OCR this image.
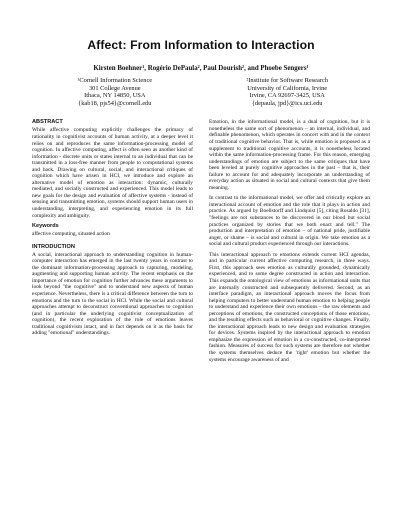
Affect: From Information to Interaction
Kirsten Boehner¹, Rogério DePaula², Paul Dourish², and Phoebe Sengers¹
¹Cornell Information Science
301 College Avenue
Ithaca, NY 14850, USA
{kab18, pjs54}@cornell.edu
²Institute for Software Research
University of California, Irvine
Irvine, CA 92697-3425, USA
{depaula, jpd}@ics.uci.edu
ABSTRACT

While affective computing explicitly challenges the primacy of rationality in cognitivist accounts of human activity, at a deeper level it relies on and reproduces the same information-processing model of cognition. In affective computing, affect is often seen as another kind of information - discrete units or states internal to an individual that can be transmitted in a loss-free manner from people to computational systems and back. Drawing on cultural, social, and interactional critiques of cognition which have arisen in HCI, we introduce and explore an alternative model of emotion as interaction: dynamic, culturally mediated, and socially constructed and experienced. This model leads to new goals for the design and evaluation of affective systems - instead of sensing and transmitting emotion, systems should support human users in understanding, interpreting, and experiencing emotion in its full complexity and ambiguity.

Keywords

affective computing, situated action

INTRODUCTION

A social, interactional approach to understanding cognition in human-computer interaction has emerged in the last twenty years in contrast to the dominant information-processing approach to capturing, modeling, augmenting and supporting human activity. The recent emphasis on the importance of emotion for cognition further advances these arguments to look beyond "the cognitive" and to understand new aspects of human experience. Nevertheless, there is a critical difference between the turn to emotions and the turn to the social in HCI. While the social and cultural approaches attempt to deconstruct conventional approaches to cognition (and in particular the underlying cognitivist conceptualization of cognition), the recent exploration of the role of emotions leaves traditional cognitivism intact, and in fact depends on it as the basis for adding "emotional" understandings.

Emotion, in the informational model, is a dual of cognition, but it is nonetheless the same sort of phenomenon – an internal, individual, and definable phenomenon, which operates in concert with and in the context of traditional cognitive behavior. That is, while emotion is proposed as a supplement to traditional cognitive accounts, it is nonetheless located within the same information-processing frame. For this reason, emerging understandings of emotion are subject to the same critiques that have been leveled at purely cognitive approaches in the past – that is, their failure to account for and adequately incorporate an understanding of everyday action as situated in social and cultural contexts that give them meaning.

In contrast to the informational model, we offer and critically explore an interactional account of emotion and the role that it plays in action and practice. As argued by Boellstorff and Lindquist [5], citing Rosaldo [31], "feelings are not substances to be discovered in our blood but social practices organized by stories that we both enact and tell." The production and interpretation of emotion – of national pride, justifiable anger, or shame – is social and cultural in origin. We take emotion as a social and cultural product experienced through our interactions.

This interactional approach to emotions extends current HCI agendas, and in particular current affective computing research, in three ways. First, this approach sees emotion as culturally grounded, dynamically experienced, and to some degree constructed in action and interaction. This expands the ontological view of emotions as informational units that are internally constructed and subsequently delivered. Second, as an interface paradigm, an interactional approach moves the focus from helping computers to better understand human emotion to helping people to understand and experience their own emotions – the raw elements and perceptions of emotions, the constructed conceptions of those emotions, and the resulting effects such as behavioral or cognitive changes. Finally, the interactional approach leads to new design and evaluation strategies for devices. Systems inspired by the interactional approach to emotion emphasize the expression of emotion in a co-constructed, co-interpreted fashion. Measures of success for such systems are therefore not whether the systems themselves deduce the 'right' emotion but whether the systems encourage awareness of and
